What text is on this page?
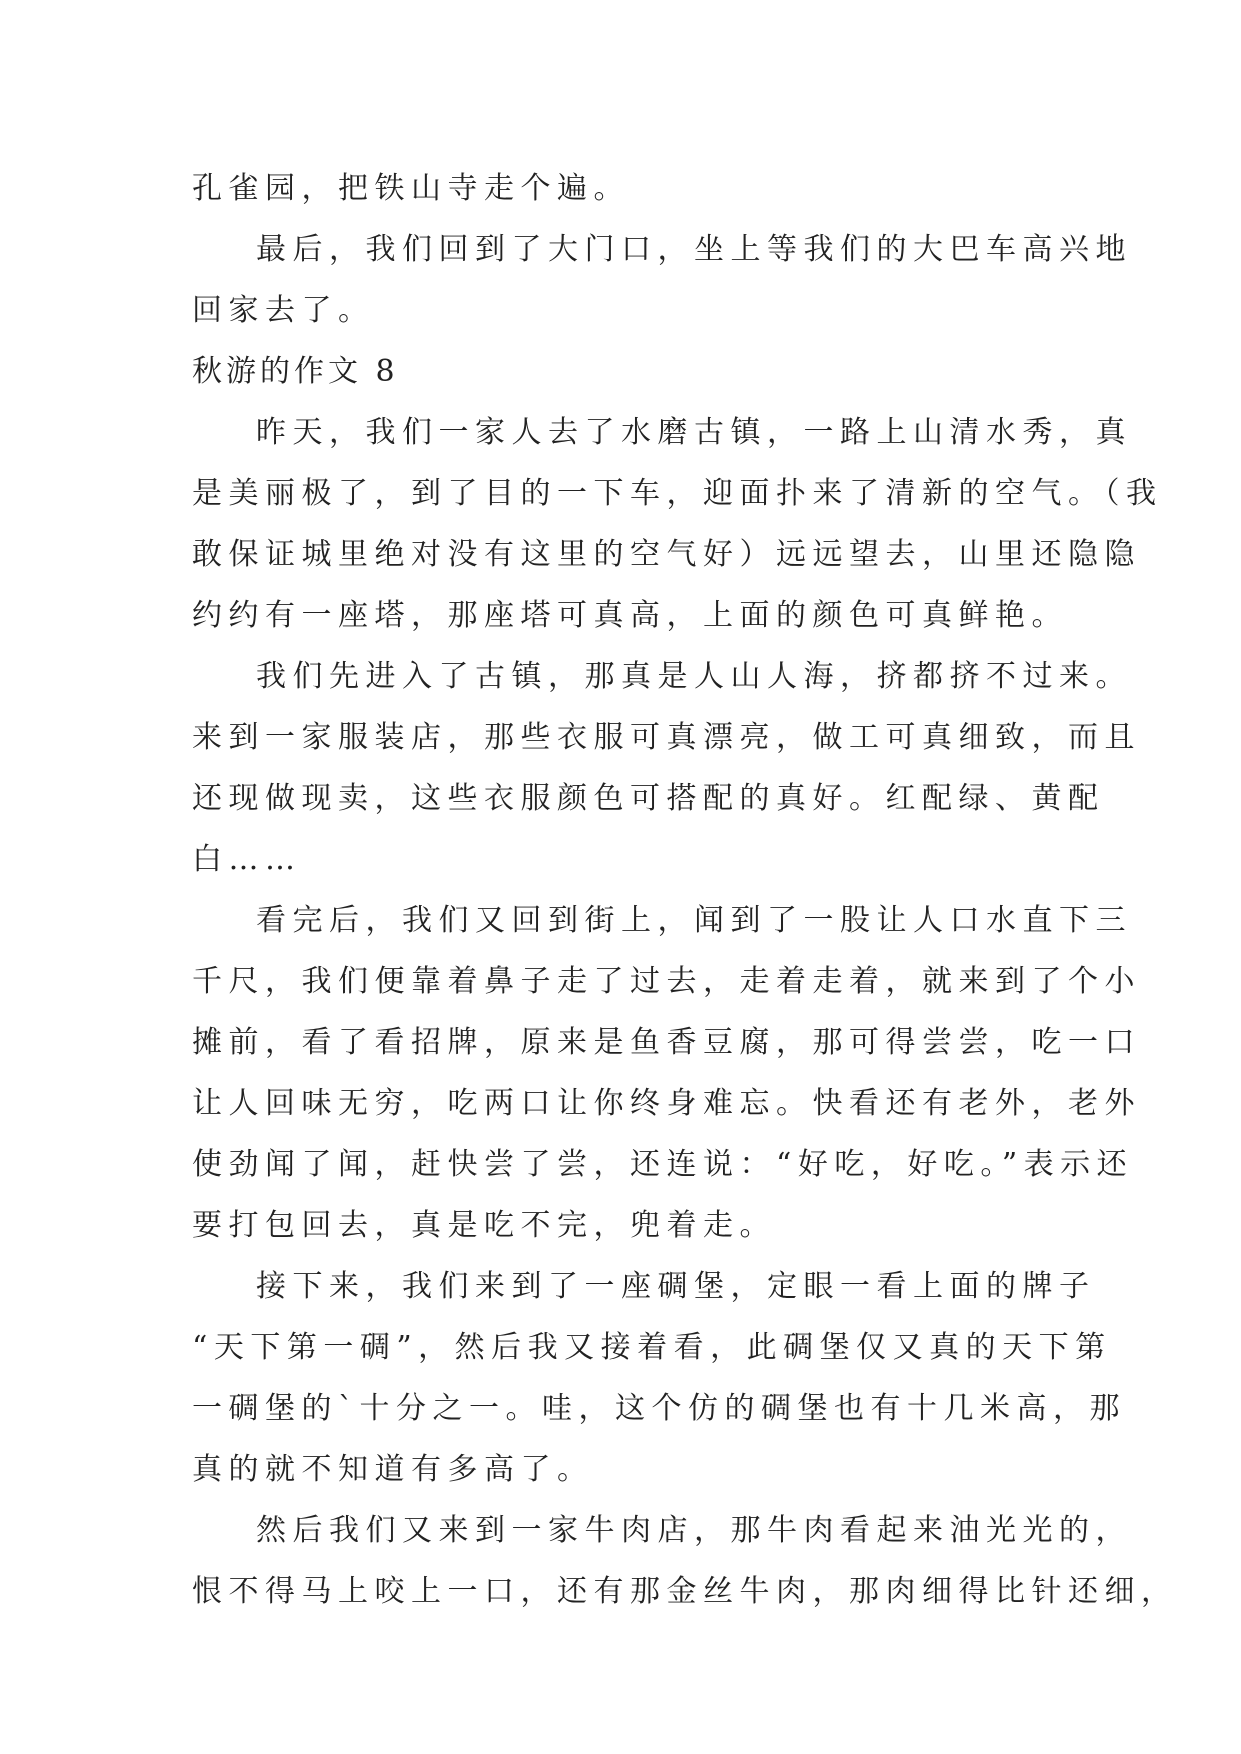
孔雀园，把铁山寺走个遍。
最后，我们回到了大门口，坐上等我们的大巴车高兴地
回家去了。
秋游的作文 8
昨天，我们一家人去了水磨古镇，一路上山清水秀，真
是美丽极了，到了目的一下车，迎面扑来了清新的空气。（我
敢保证城里绝对没有这里的空气好）远远望去，山里还隐隐
约约有一座塔，那座塔可真高，上面的颜色可真鲜艳。
我们先进入了古镇，那真是人山人海，挤都挤不过来。
来到一家服装店，那些衣服可真漂亮，做工可真细致，而且
还现做现卖，这些衣服颜色可搭配的真好。红配绿、黄配
白……
看完后，我们又回到街上，闻到了一股让人口水直下三
千尺，我们便靠着鼻子走了过去，走着走着，就来到了个小
摊前，看了看招牌，原来是鱼香豆腐，那可得尝尝，吃一口
让人回味无穷，吃两口让你终身难忘。快看还有老外，老外
使劲闻了闻，赶快尝了尝，还连说：“好吃，好吃。”表示还
要打包回去，真是吃不完，兜着走。
接下来，我们来到了一座碉堡，定眼一看上面的牌子
“天下第一碉”，然后我又接着看，此碉堡仅又真的天下第
一碉堡的`十分之一。哇，这个仿的碉堡也有十几米高，那
真的就不知道有多高了。
然后我们又来到一家牛肉店，那牛肉看起来油光光的，
恨不得马上咬上一口，还有那金丝牛肉，那肉细得比针还细，
